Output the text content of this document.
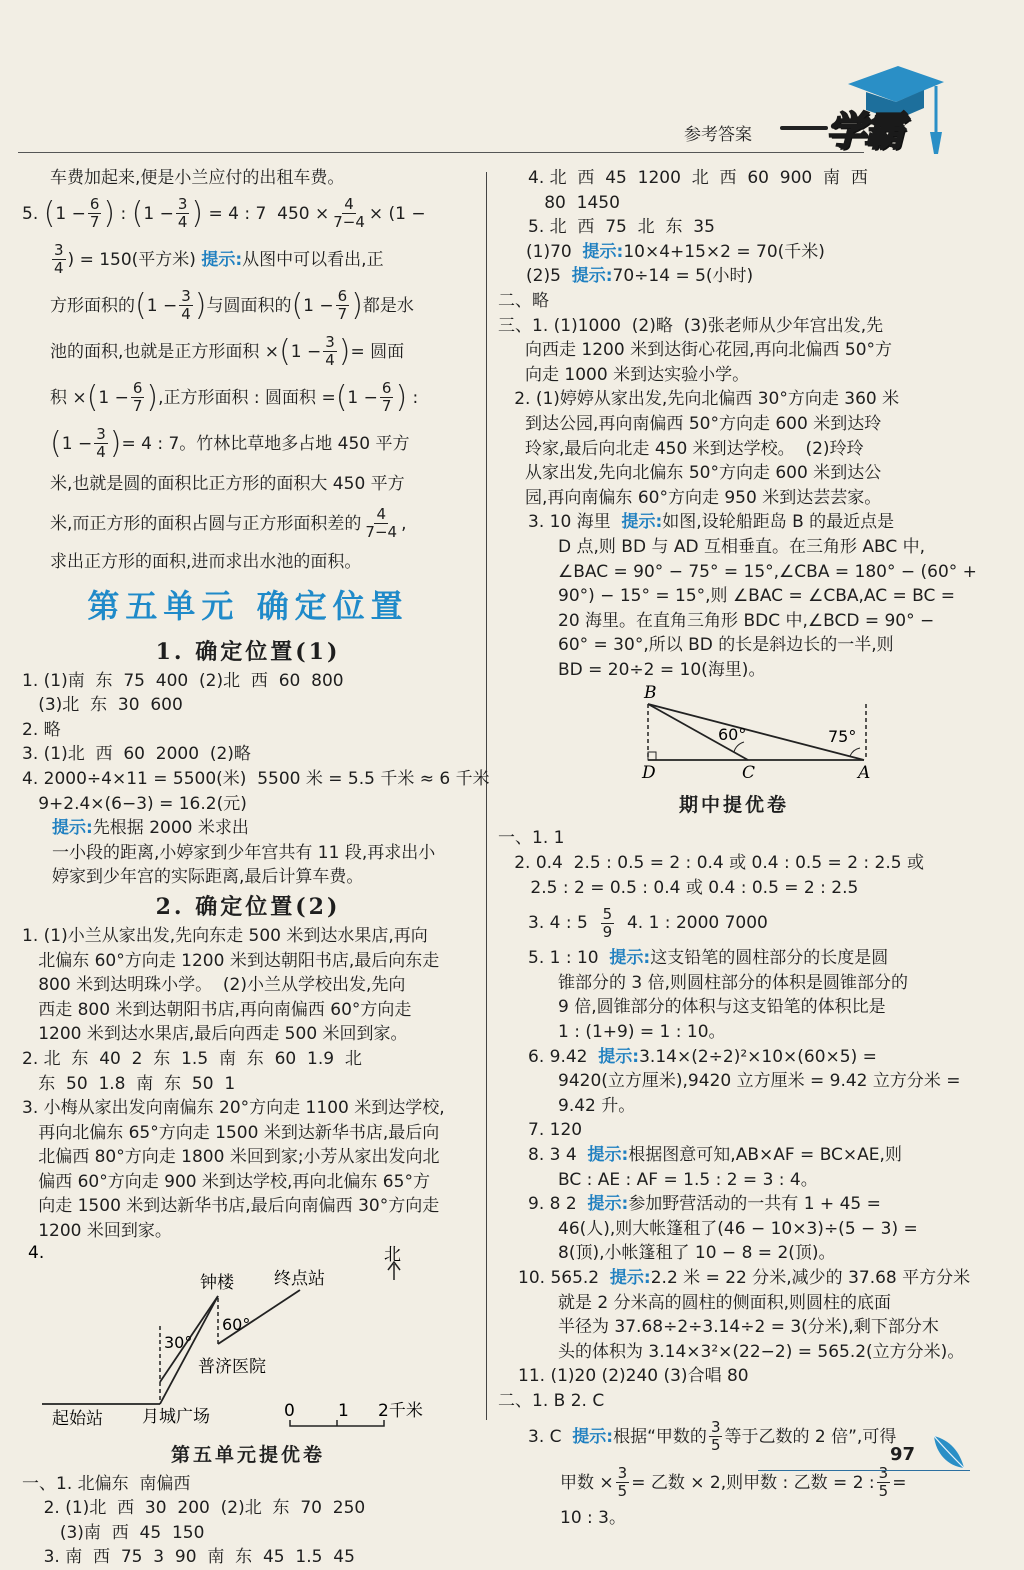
参考答案 学霸
车费加起来,便是小兰应付的出租车费。
5. ($1 - \frac{6}{7}$ ) : ($1 - \frac{3}{4}$ ) = 4 : 7 $450 \times \frac{4}{7-4} \times (1$ −
$\frac{3}{4}$ ) = 150(平方米) 提示:从图中可以看出,正
方形面积的($1 - \frac{3}{4}$ )与圆面积的($1 - \frac{6}{7}$ )都是水
池的面积,也就是正方形面积 $\times(1 - \frac{3}{4}$ )= 圆面
积 $\times(1 - \frac{6}{7}$ ),正方形面积 : 圆面积 $=(1 - \frac{6}{7}$ ) :
($1 - \frac{3}{4}$ )= 4 : 7。竹林比草地多占地 450 平方
米,也就是圆的面积比正方形的面积大 450 平方
米,而正方形的面积占圆与正方形面积差的 $\frac{4}{7-4}$ ,
求出正方形的面积,进而求出水池的面积。
第五单元 确定位置
1. 确定位置(1)
1. (1)南  东  75  400  (2)北  西  60  800
(3)北  东  30  600
2. 略
3. (1)北  西  60  2000  (2)略
4. 2000÷4×11 = 5500(米)  5500 米 = 5.5 千米 ≈ 6 千米
9+2.4×(6−3) = 16.2(元)
提示:先根据 2000 米求出
一小段的距离,小婷家到少年宫共有 11 段,再求出小
婷家到少年宫的实际距离,最后计算车费。
2. 确定位置(2)
1. (1)小兰从家出发,先向东走 500 米到达水果店,再向
北偏东 60°方向走 1200 米到达朝阳书店,最后向东走
800 米到达明珠小学。  (2)小兰从学校出发,先向
西走 800 米到达朝阳书店,再向南偏西 60°方向走
1200 米到达水果店,最后向西走 500 米回到家。
2. 北  东  40  2  东  1.5  南  东  60  1.9  北
东  50  1.8  南  东  50  1
3. 小梅从家出发向南偏东 20°方向走 1100 米到达学校,
再向北偏东 65°方向走 1500 米到达新华书店,最后向
北偏西 80°方向走 1800 米回到家;小芳从家出发向北
偏西 60°方向走 900 米到达学校,再向北偏东 65°方
向走 1500 米到达新华书店,最后向南偏西 30°方向走
1200 米回到家。
4.	北
钟楼 终点站
30°
60°
普济医院
起始站 月城广场	0	1 2千米
第五单元提优卷
一、1. 北偏东  南偏西
2. (1)北  西  30  200  (2)北  东  70  250
(3)南  西  45  150
3. 南  西  75  3  90  南  东  45  1.5  45
4. 北  西  45  1200  北  西  60  900  南  西
80  1450
5. 北  西  75  北  东  35
(1)70 提示:10×4+15×2 = 70(千米)
(2)5 提示:70÷14 = 5(小时)
二、略
三、1. (1)1000  (2)略  (3)张老师从少年宫出发,先
向西走 1200 米到达街心花园,再向北偏西 50°方
向走 1000 米到达实验小学。
2. (1)婷婷从家出发,先向北偏西 30°方向走 360 米
到达公园,再向南偏西 50°方向走 600 米到达玲
玲家,最后向北走 450 米到达学校。  (2)玲玲
从家出发,先向北偏东 50°方向走 600 米到达公
园,再向南偏东 60°方向走 950 米到达芸芸家。
3. 10 海里 提示:如图,设轮船距岛 B 的最近点是
D 点,则 BD 与 AD 互相垂直。在三角形 ABC 中,
∠BAC = 90° − 75° = 15°,∠CBA = 180° − (60° +
90°) − 15° = 15°,则 ∠BAC = ∠CBA,AC = BC =
20 海里。在直角三角形 BDC 中,∠BCD = 90° −
60° = 30°,所以 BD 的长是斜边长的一半,则
BD = 20÷2 = 10(海里)。
B
D	C	A
60°	75°
期中提优卷
一、1. 1
2. 0.4  2.5 : 0.5 = 2 : 0.4 或 0.4 : 0.5 = 2 : 2.5 或
2.5 : 2 = 0.5 : 0.4 或 0.4 : 0.5 = 2 : 2.5
3. 4 : $5 \frac{5}{9} 4$. 1 : 2000 7000
5. 1 : 10 提示:这支铅笔的圆柱部分的长度是圆
锥部分的 3 倍,则圆柱部分的体积是圆锥部分的
9 倍,圆锥部分的体积与这支铅笔的体积比是
1 : (1+9) = 1 : 10。
6. 9.42 提示:3.14×(2÷2)²×10×(60×5) =
9420(立方厘米),9420 立方厘米 = 9.42 立方分米 =
9.42 升。
7. 120
8. 3 4 提示:根据图意可知,AB×AF = BC×AE,则
BC : AE : AF = 1.5 : 2 = 3 : 4。
9. 8 2 提示:参加野营活动的一共有 1 + 45 =
46(人),则大帐篷租了(46 − 10×3)÷(5 − 3) =
8(顶),小帐篷租了 10 − 8 = 2(顶)。
10. 565.2 提示:2.2 米 = 22 分米,减少的 37.68 平方分米
就是 2 分米高的圆柱的侧面积,则圆柱的底面
半径为 37.68÷2÷3.14÷2 = 3(分米),剩下部分木
头的体积为 3.14×3²×(22−2) = 565.2(立方分米)。
11. (1)20 (2)240 (3)合唱 80
二、1. B 2. C
3. C 提示:根据“甲数的 $\frac{3}{5}$ 等于乙数的 2 倍”,可得
甲数 × $\frac{3}{5}$ = 乙数 × 2,则甲数 : 乙数 = 2 : $\frac{3}{5}$ =
10 : 3。
97
